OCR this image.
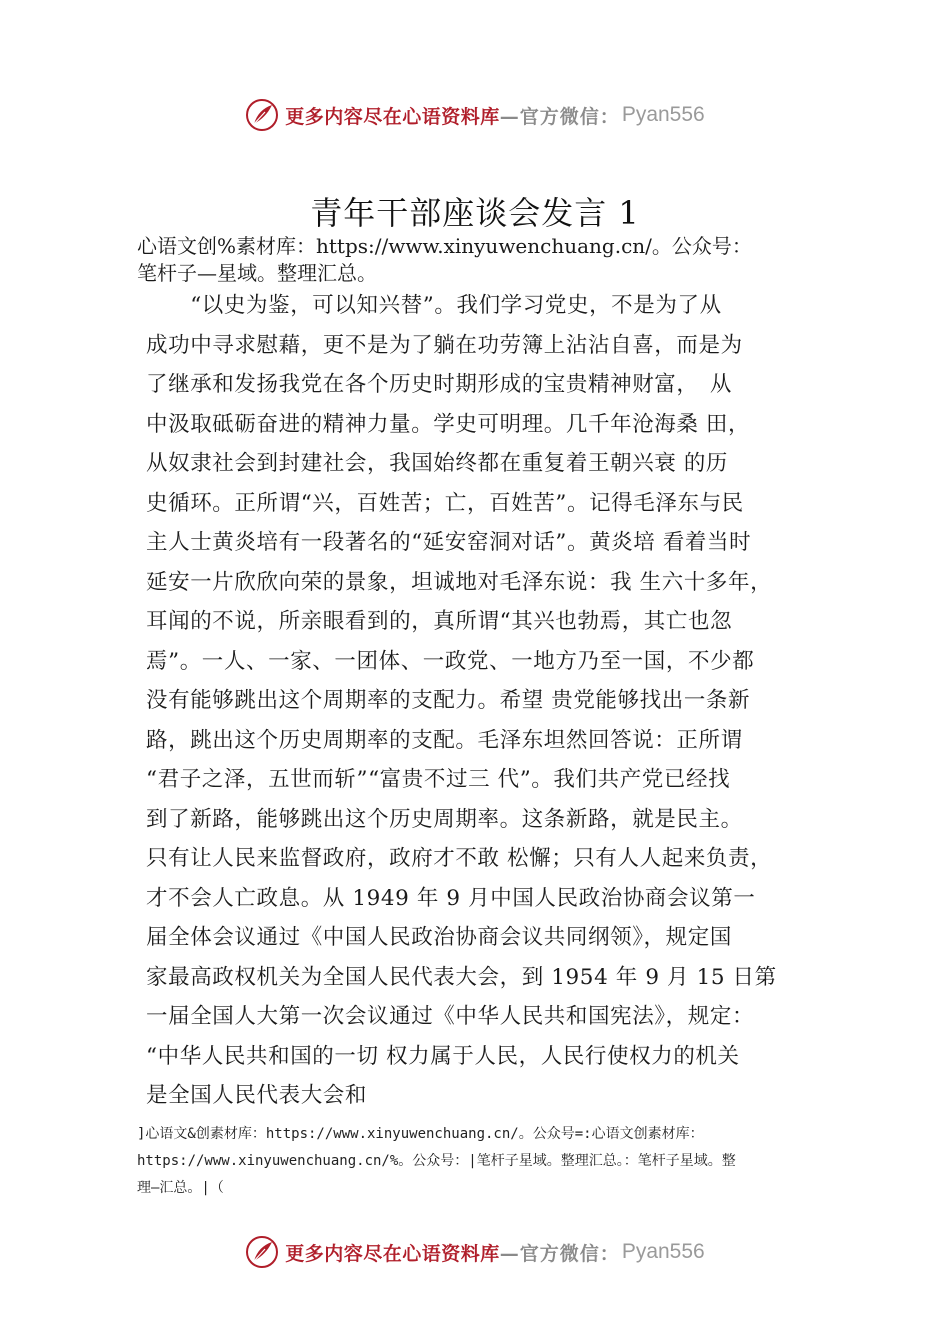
更多内容尽在心语资料库 —官方微信： Pyan556
青年干部座谈会发言 1
心语文创%素材库：https://www.xinyuwenchuang.cn/。公众号：
笔杆子—星域。整理汇总。
　　“以史为鉴，可以知兴替”。我们学习党史，不是为了从
成功中寻求慰藉，更不是为了躺在功劳簿上沾沾自喜，而是为
了继承和发扬我党在各个历史时期形成的宝贵精神财富，　从
中汲取砥砺奋进的精神力量。学史可明理。几千年沧海桑 田，
从奴隶社会到封建社会，我国始终都在重复着王朝兴衰 的历
史循环。正所谓“兴，百姓苦；亡，百姓苦”。记得毛泽东与民
主人士黄炎培有一段著名的“延安窑洞对话”。黄炎培 看着当时
延安一片欣欣向荣的景象，坦诚地对毛泽东说：我 生六十多年，
耳闻的不说，所亲眼看到的，真所谓“其兴也勃焉，其亡也忽
焉”。一人、一家、一团体、一政党、一地方乃至一国，不少都
没有能够跳出这个周期率的支配力。希望 贵党能够找出一条新
路，跳出这个历史周期率的支配。毛泽东坦然回答说：正所谓
“君子之泽，五世而斩”“富贵不过三 代”。我们共产党已经找
到了新路，能够跳出这个历史周期率。这条新路，就是民主。
只有让人民来监督政府，政府才不敢 松懈；只有人人起来负责，
才不会人亡政息。从 1949 年 9 月中国人民政治协商会议第一
届全体会议通过《中国人民政治协商会议共同纲领》，规定国
家最高政权机关为全国人民代表大会，到 1954 年 9 月 15 日第
一届全国人大第一次会议通过《中华人民共和国宪法》，规定：
“中华人民共和国的一切 权力属于人民，人民行使权力的机关
是全国人民代表大会和
]心语文&创素材库：https://www.xinyuwenchuang.cn/。公众号=:心语文创素材库：
https://www.xinyuwenchuang.cn/%。公众号：|笔杆子星域。整理汇总。：笔杆子星域。整
理—汇总。|（
更多内容尽在心语资料库 —官方微信： Pyan556
